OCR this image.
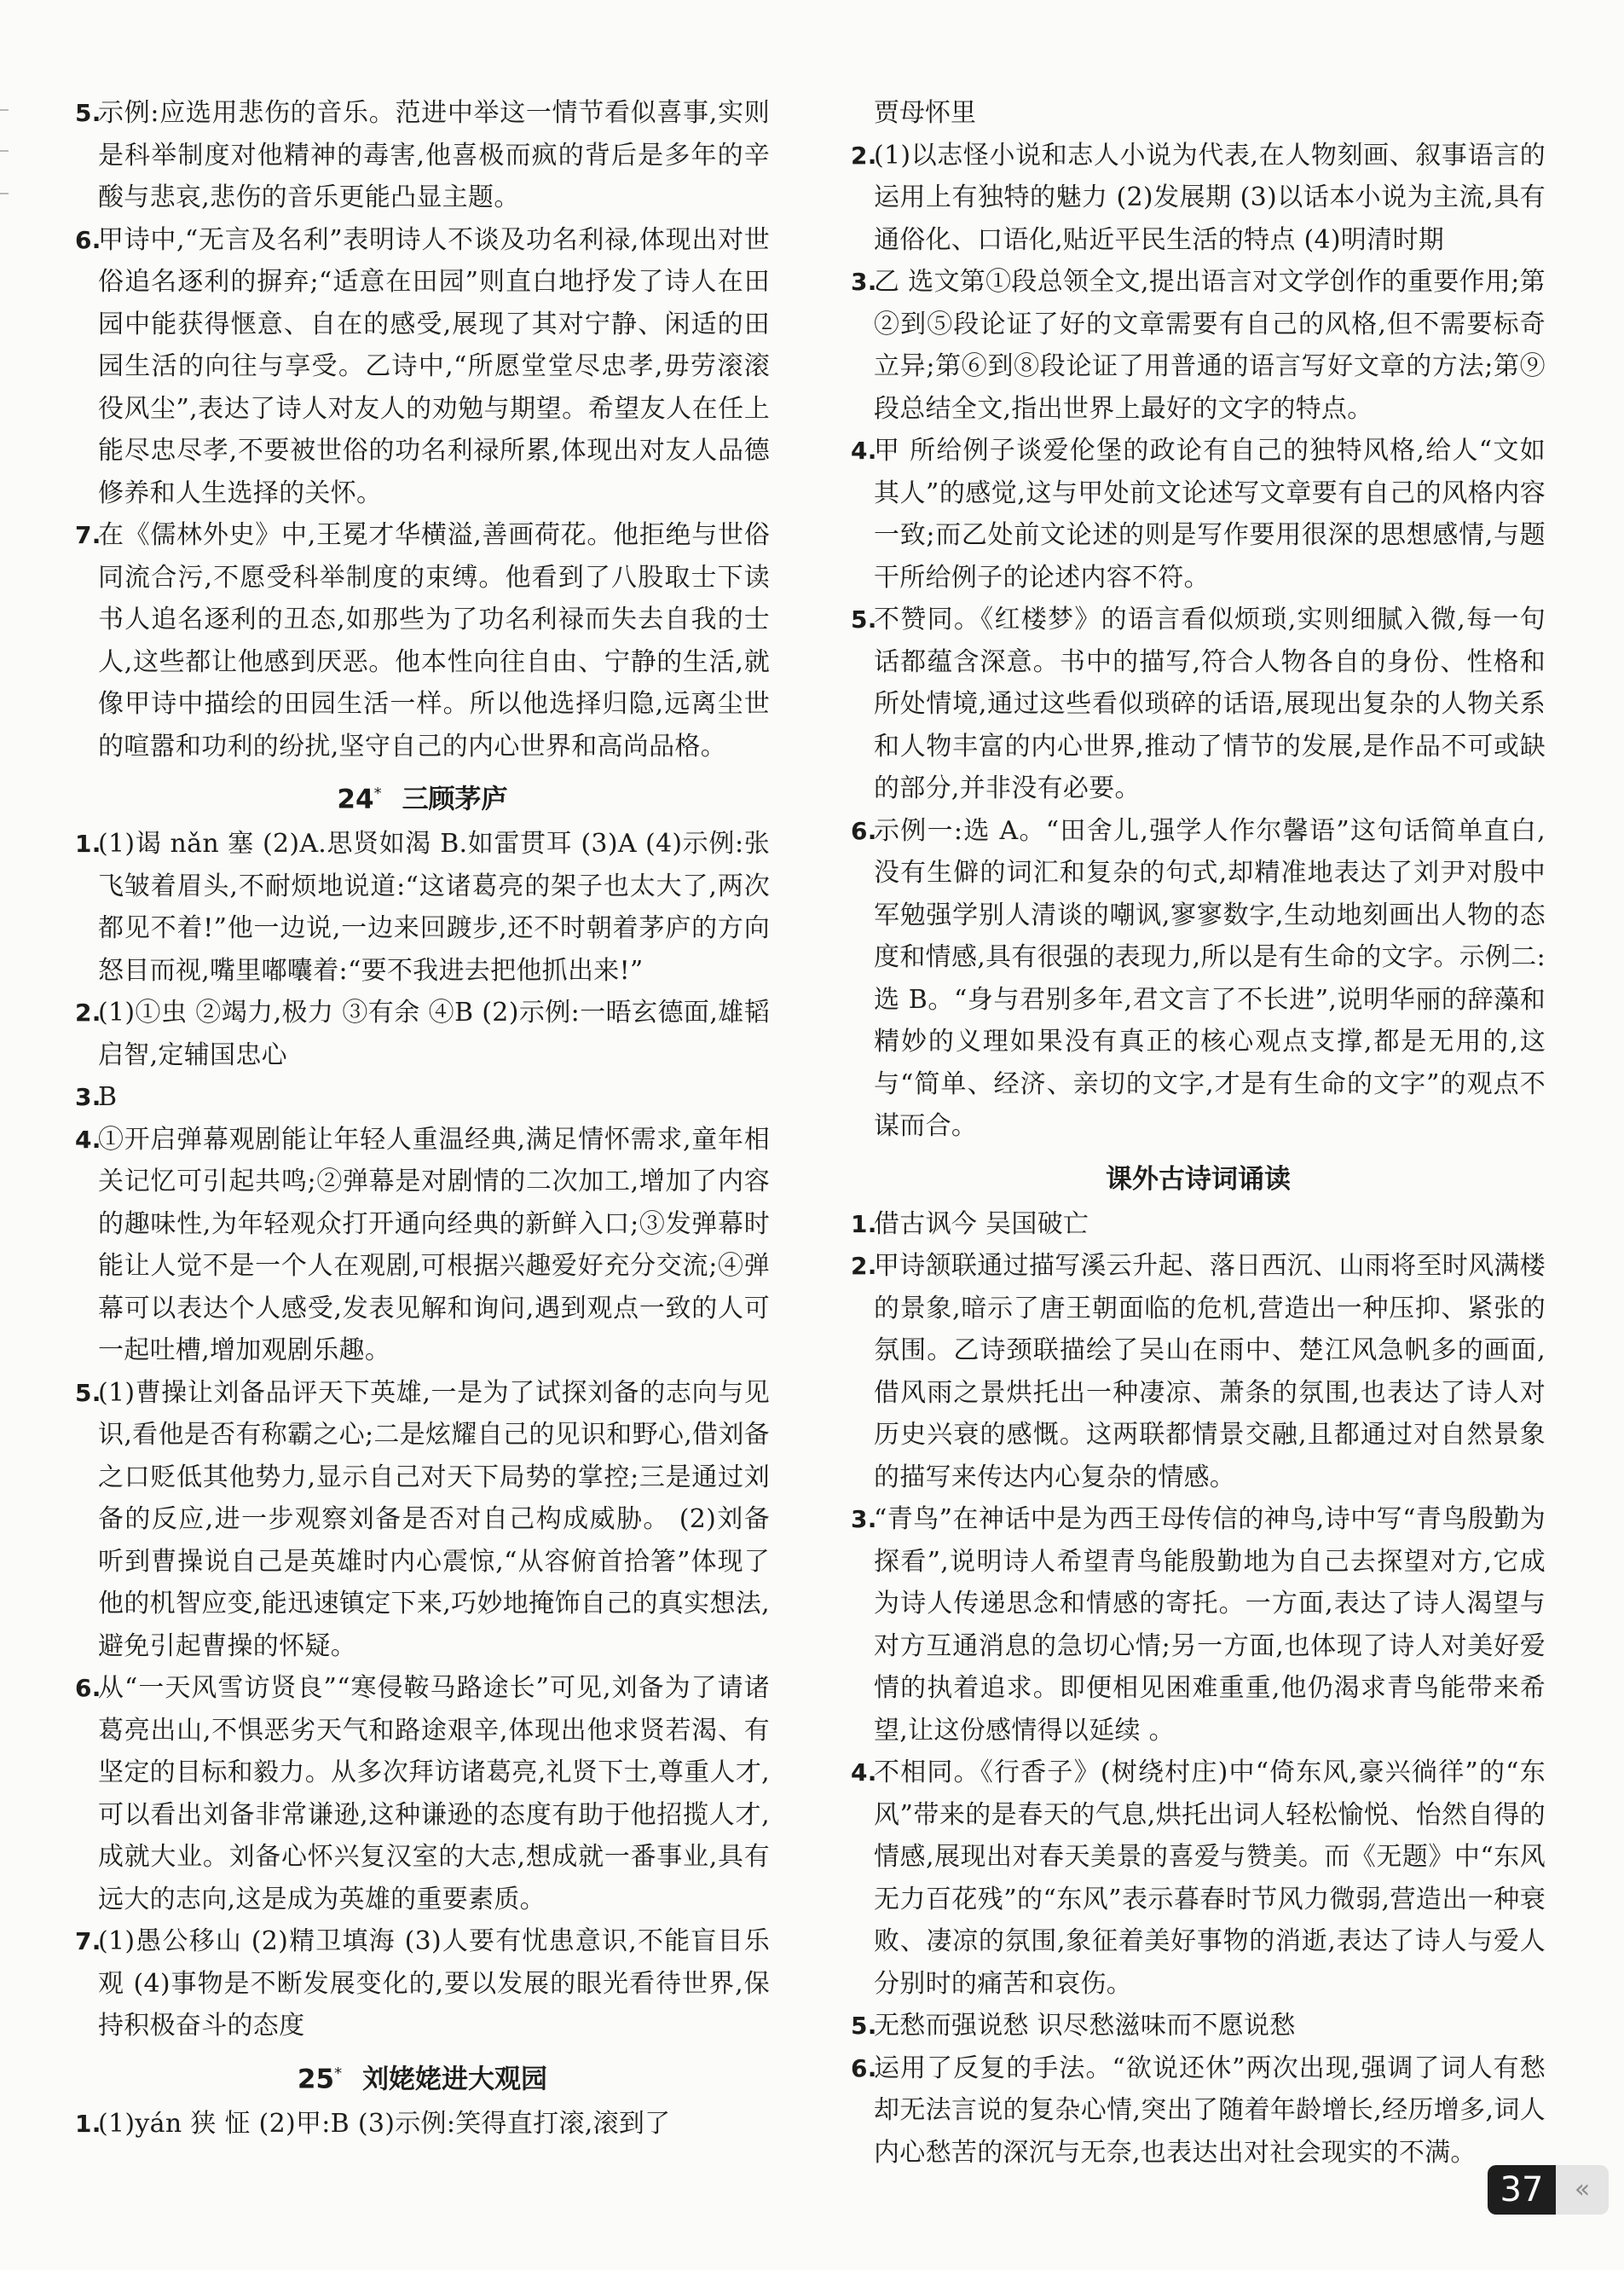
5.
示例:应选用悲伤的音乐。范进中举这一情节看似喜事,实则是科举制度对他精神的毒害,他喜极而疯的背后是多年的辛酸与悲哀,悲伤的音乐更能凸显主题。

6.
甲诗中,“无言及名利”表明诗人不谈及功名利禄,体现出对世俗追名逐利的摒弃;“适意在田园”则直白地抒发了诗人在田园中能获得惬意、自在的感受,展现了其对宁静、闲适的田园生活的向往与享受。乙诗中,“所愿堂堂尽忠孝,毋劳滚滚役风尘”,表达了诗人对友人的劝勉与期望。希望友人在任上能尽忠尽孝,不要被世俗的功名利禄所累,体现出对友人品德修养和人生选择的关怀。

7.
在《儒林外史》中,王冕才华横溢,善画荷花。他拒绝与世俗同流合污,不愿受科举制度的束缚。他看到了八股取士下读书人追名逐利的丑态,如那些为了功名利禄而失去自我的士人,这些都让他感到厌恶。他本性向往自由、宁静的生活,就像甲诗中描绘的田园生活一样。所以他选择归隐,远离尘世的喧嚣和功利的纷扰,坚守自己的内心世界和高尚品格。

24* 三顾茅庐

1.
(1)谒 nǎn 塞 (2)A.思贤如渴 B.如雷贯耳 (3)A (4)示例:张飞皱着眉头,不耐烦地说道:“这诸葛亮的架子也太大了,两次都见不着!”他一边说,一边来回踱步,还不时朝着茅庐的方向怒目而视,嘴里嘟囔着:“要不我进去把他抓出来!”

2.
(1)①虫 ②竭力,极力 ③有余 ④B (2)示例:一晤玄德面,雄韬启智,定辅国忠心

3.
B

4.
①开启弹幕观剧能让年轻人重温经典,满足情怀需求,童年相关记忆可引起共鸣;②弹幕是对剧情的二次加工,增加了内容的趣味性,为年轻观众打开通向经典的新鲜入口;③发弹幕时能让人觉不是一个人在观剧,可根据兴趣爱好充分交流;④弹幕可以表达个人感受,发表见解和询问,遇到观点一致的人可一起吐槽,增加观剧乐趣。

5.
(1)曹操让刘备品评天下英雄,一是为了试探刘备的志向与见识,看他是否有称霸之心;二是炫耀自己的见识和野心,借刘备之口贬低其他势力,显示自己对天下局势的掌控;三是通过刘备的反应,进一步观察刘备是否对自己构成威胁。 (2)刘备听到曹操说自己是英雄时内心震惊,“从容俯首拾箸”体现了他的机智应变,能迅速镇定下来,巧妙地掩饰自己的真实想法,避免引起曹操的怀疑。

6.
从“一天风雪访贤良”“寒侵鞍马路途长”可见,刘备为了请诸葛亮出山,不惧恶劣天气和路途艰辛,体现出他求贤若渴、有坚定的目标和毅力。从多次拜访诸葛亮,礼贤下士,尊重人才,可以看出刘备非常谦逊,这种谦逊的态度有助于他招揽人才,成就大业。刘备心怀兴复汉室的大志,想成就一番事业,具有远大的志向,这是成为英雄的重要素质。

7.
(1)愚公移山 (2)精卫填海 (3)人要有忧患意识,不能盲目乐观 (4)事物是不断发展变化的,要以发展的眼光看待世界,保持积极奋斗的态度

25* 刘姥姥进大观园

1.
(1)yán 狭 怔 (2)甲:B (3)示例:笑得直打滚,滚到了

贾母怀里

2.
(1)以志怪小说和志人小说为代表,在人物刻画、叙事语言的运用上有独特的魅力 (2)发展期 (3)以话本小说为主流,具有通俗化、口语化,贴近平民生活的特点 (4)明清时期

3.
乙 选文第①段总领全文,提出语言对文学创作的重要作用;第②到⑤段论证了好的文章需要有自己的风格,但不需要标奇立异;第⑥到⑧段论证了用普通的语言写好文章的方法;第⑨段总结全文,指出世界上最好的文字的特点。

4.
甲 所给例子谈爱伦堡的政论有自己的独特风格,给人“文如其人”的感觉,这与甲处前文论述写文章要有自己的风格内容一致;而乙处前文论述的则是写作要用很深的思想感情,与题干所给例子的论述内容不符。

5.
不赞同。《红楼梦》的语言看似烦琐,实则细腻入微,每一句话都蕴含深意。书中的描写,符合人物各自的身份、性格和所处情境,通过这些看似琐碎的话语,展现出复杂的人物关系和人物丰富的内心世界,推动了情节的发展,是作品不可或缺的部分,并非没有必要。

6.
示例一:选 A。“田舍儿,强学人作尔馨语”这句话简单直白,没有生僻的词汇和复杂的句式,却精准地表达了刘尹对殷中军勉强学别人清谈的嘲讽,寥寥数字,生动地刻画出人物的态度和情感,具有很强的表现力,所以是有生命的文字。示例二:选 B。“身与君别多年,君文言了不长进”,说明华丽的辞藻和精妙的义理如果没有真正的核心观点支撑,都是无用的,这与“简单、经济、亲切的文字,才是有生命的文字”的观点不谋而合。

课外古诗词诵读

1.
借古讽今 吴国破亡

2.
甲诗颔联通过描写溪云升起、落日西沉、山雨将至时风满楼的景象,暗示了唐王朝面临的危机,营造出一种压抑、紧张的氛围。乙诗颈联描绘了吴山在雨中、楚江风急帆多的画面,借风雨之景烘托出一种凄凉、萧条的氛围,也表达了诗人对历史兴衰的感慨。这两联都情景交融,且都通过对自然景象的描写来传达内心复杂的情感。

3.
“青鸟”在神话中是为西王母传信的神鸟,诗中写“青鸟殷勤为探看”,说明诗人希望青鸟能殷勤地为自己去探望对方,它成为诗人传递思念和情感的寄托。一方面,表达了诗人渴望与对方互通消息的急切心情;另一方面,也体现了诗人对美好爱情的执着追求。即便相见困难重重,他仍渴求青鸟能带来希望,让这份感情得以延续 。

4.
不相同。《行香子》(树绕村庄)中“倚东风,豪兴徜徉”的“东风”带来的是春天的气息,烘托出词人轻松愉悦、怡然自得的情感,展现出对春天美景的喜爱与赞美。而《无题》中“东风无力百花残”的“东风”表示暮春时节风力微弱,营造出一种衰败、凄凉的氛围,象征着美好事物的消逝,表达了诗人与爱人分别时的痛苦和哀伤。

5.
无愁而强说愁 识尽愁滋味而不愿说愁

6.
运用了反复的手法。“欲说还休”两次出现,强调了词人有愁却无法言说的复杂心情,突出了随着年龄增长,经历增多,词人内心愁苦的深沉与无奈,也表达出对社会现实的不满。

37	«
